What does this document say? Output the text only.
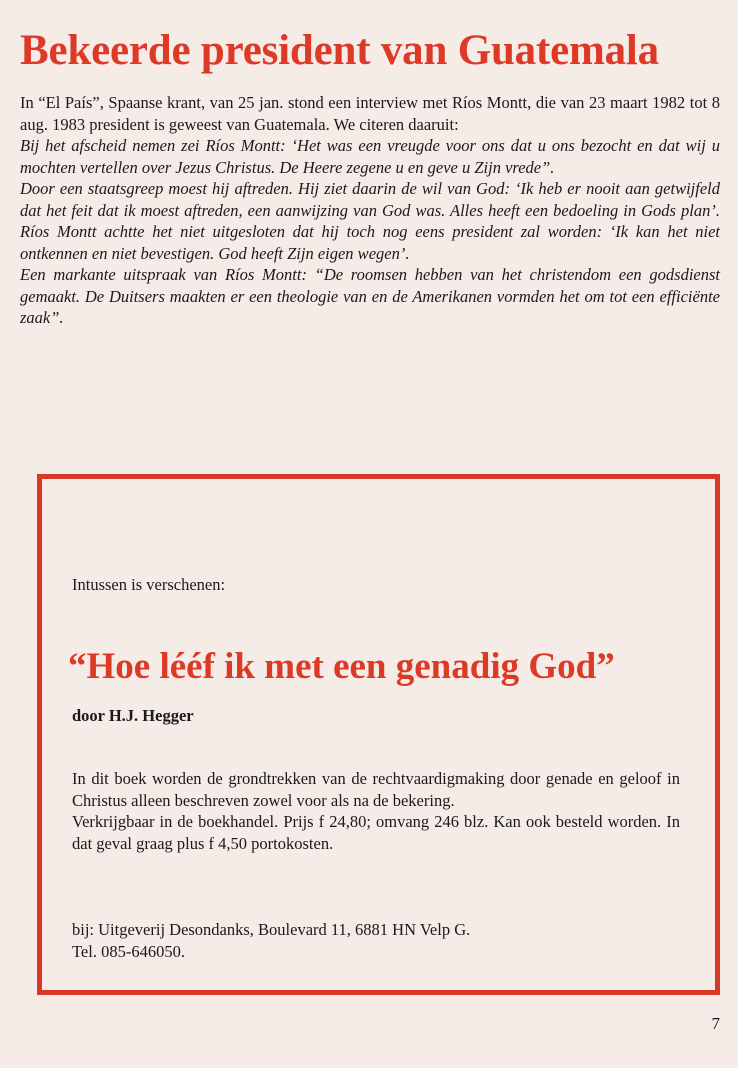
Bekeerde president van Guatemala

In “El País”, Spaanse krant, van 25 jan. stond een interview met Ríos Montt, die van 23 maart 1982 tot 8 aug. 1983 president is geweest van Guatemala. We citeren daaruit:

Bij het afscheid nemen zei Ríos Montt: ‘Het was een vreugde voor ons dat u ons bezocht en dat wij u mochten vertellen over Jezus Christus. De Heere zegene u en geve u Zijn vrede”.

Door een staatsgreep moest hij aftreden. Hij ziet daarin de wil van God: ‘Ik heb er nooit aan getwijfeld dat het feit dat ik moest aftreden, een aanwijzing van God was. Alles heeft een bedoeling in Gods plan’. Ríos Montt achtte het niet uitgesloten dat hij toch nog eens president zal worden: ‘Ik kan het niet ontkennen en niet bevestigen. God heeft Zijn eigen wegen’.

Een markante uitspraak van Ríos Montt: “De roomsen hebben van het christendom een godsdienst gemaakt. De Duitsers maakten er een theologie van en de Amerikanen vormden het om tot een efficiënte zaak”.

Intussen is verschenen:
“Hoe lééf ik met een genadig God”
door H.J. Hegger

In dit boek worden de grondtrekken van de rechtvaardigmaking door genade en geloof in Christus alleen beschreven zowel voor als na de bekering.

Verkrijgbaar in de boekhandel. Prijs f 24,80; omvang 246 blz. Kan ook besteld worden. In dat geval graag plus f 4,50 portokosten.

bij: Uitgeverij Desondanks, Boulevard 11, 6881 HN Velp G.

Tel. 085-646050.

7
